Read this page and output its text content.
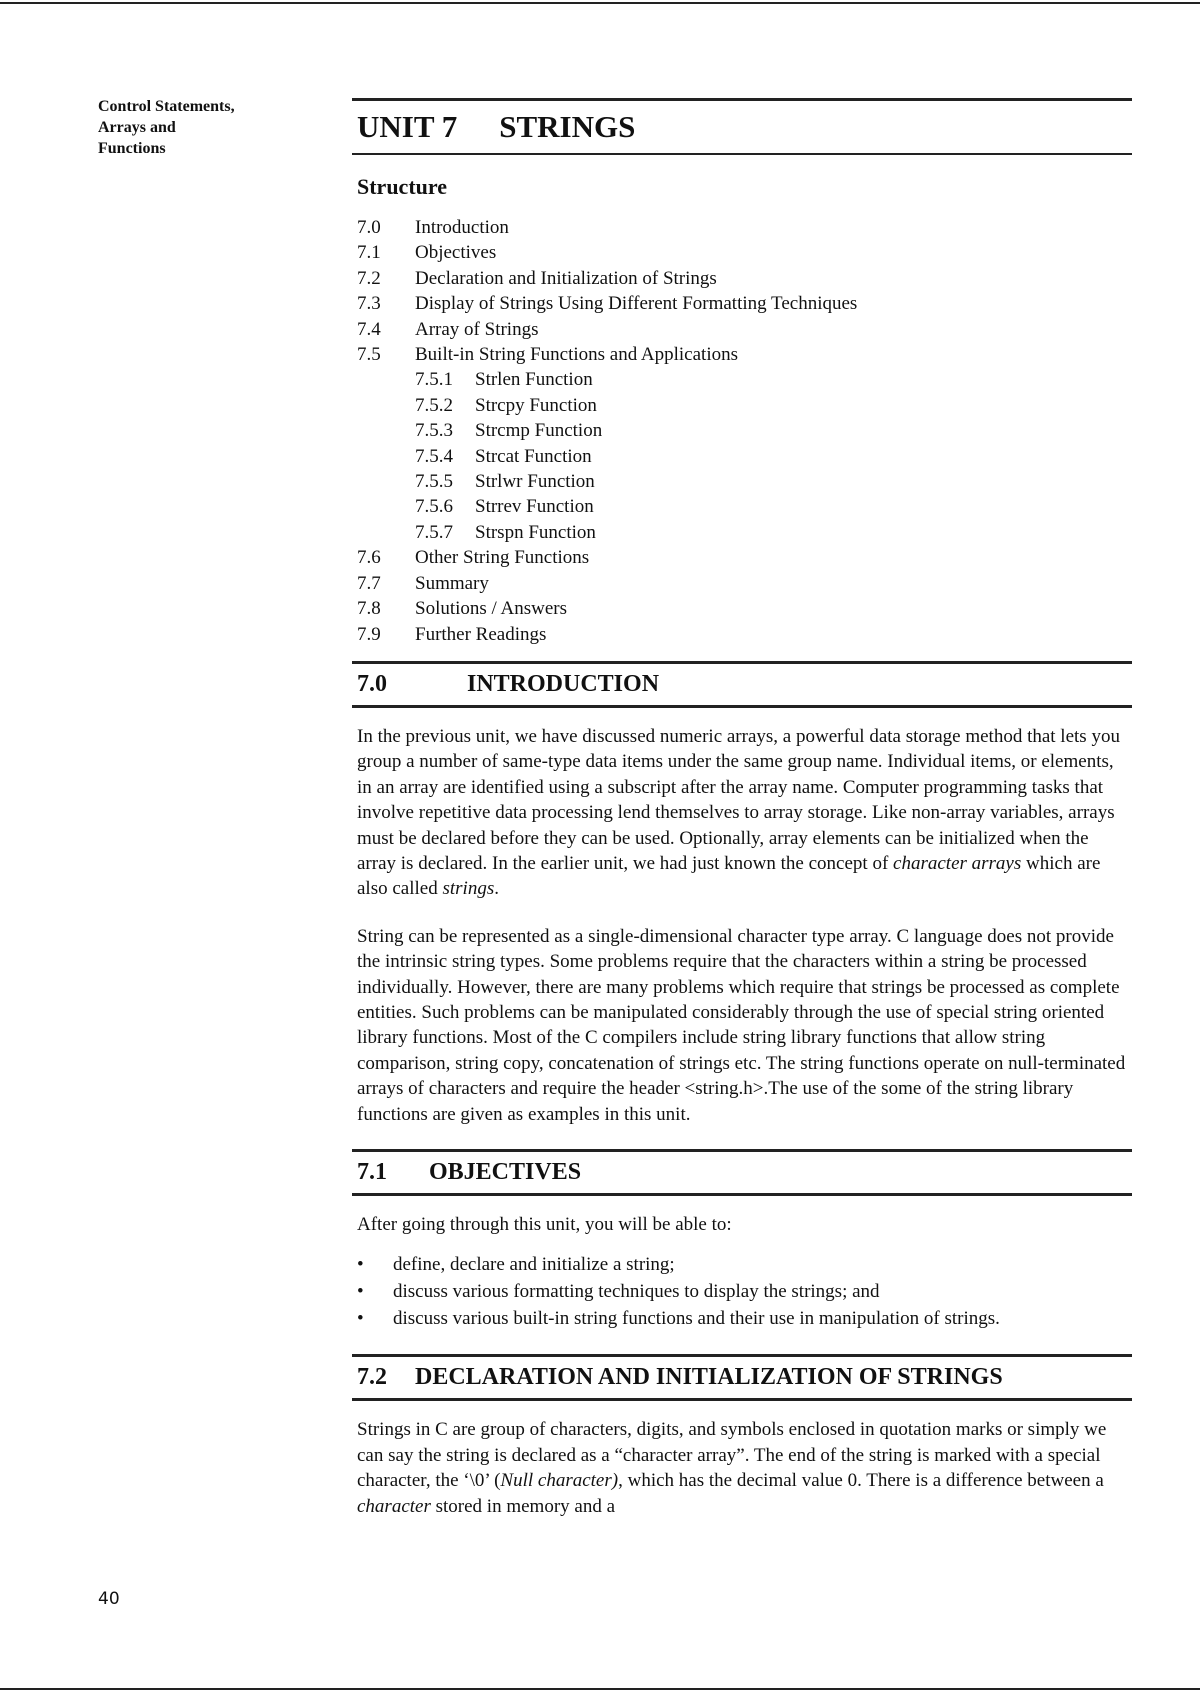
Control Statements,
Arrays and
Functions
UNIT 7 STRINGS
Structure
7.0 Introduction
7.1 Objectives
7.2 Declaration and Initialization of Strings
7.3 Display of Strings Using Different Formatting Techniques
7.4 Array of Strings
7.5 Built-in String Functions and Applications
7.5.1 Strlen Function
7.5.2 Strcpy Function
7.5.3 Strcmp Function
7.5.4 Strcat Function
7.5.5 Strlwr Function
7.5.6 Strrev Function
7.5.7 Strspn Function
7.6 Other String Functions
7.7 Summary
7.8 Solutions / Answers
7.9 Further Readings
7.0	INTRODUCTION

In the previous unit, we have discussed numeric arrays, a powerful data storage method that lets you group a number of same-type data items under the same group name. Individual items, or elements, in an array are identified using a subscript after the array name. Computer programming tasks that involve repetitive data processing lend themselves to array storage. Like non-array variables, arrays must be declared before they can be used. Optionally, array elements can be initialized when the array is declared. In the earlier unit, we had just known the concept of character arrays which are also called strings.

String can be represented as a single-dimensional character type array. C language does not provide the intrinsic string types. Some problems require that the characters within a string be processed individually. However, there are many problems which require that strings be processed as complete entities. Such problems can be manipulated considerably through the use of special string oriented library functions. Most of the C compilers include string library functions that allow string comparison, string copy, concatenation of strings etc. The string functions operate on null-terminated arrays of characters and require the header <string.h>.The use of the some of the string library functions are given as examples in this unit.

7.1 OBJECTIVES

After going through this unit, you will be able to:

•	define, declare and initialize a string;
•	discuss various formatting techniques to display the strings; and
•	discuss various built-in string functions and their use in manipulation of strings.
7.2 DECLARATION AND INITIALIZATION OF STRINGS

Strings in C are group of characters, digits, and symbols enclosed in quotation marks or simply we can say the string is declared as a “character array”. The end of the string is marked with a special character, the ‘\0’ (Null character), which has the decimal value 0. There is a difference between a character stored in memory and a

40
